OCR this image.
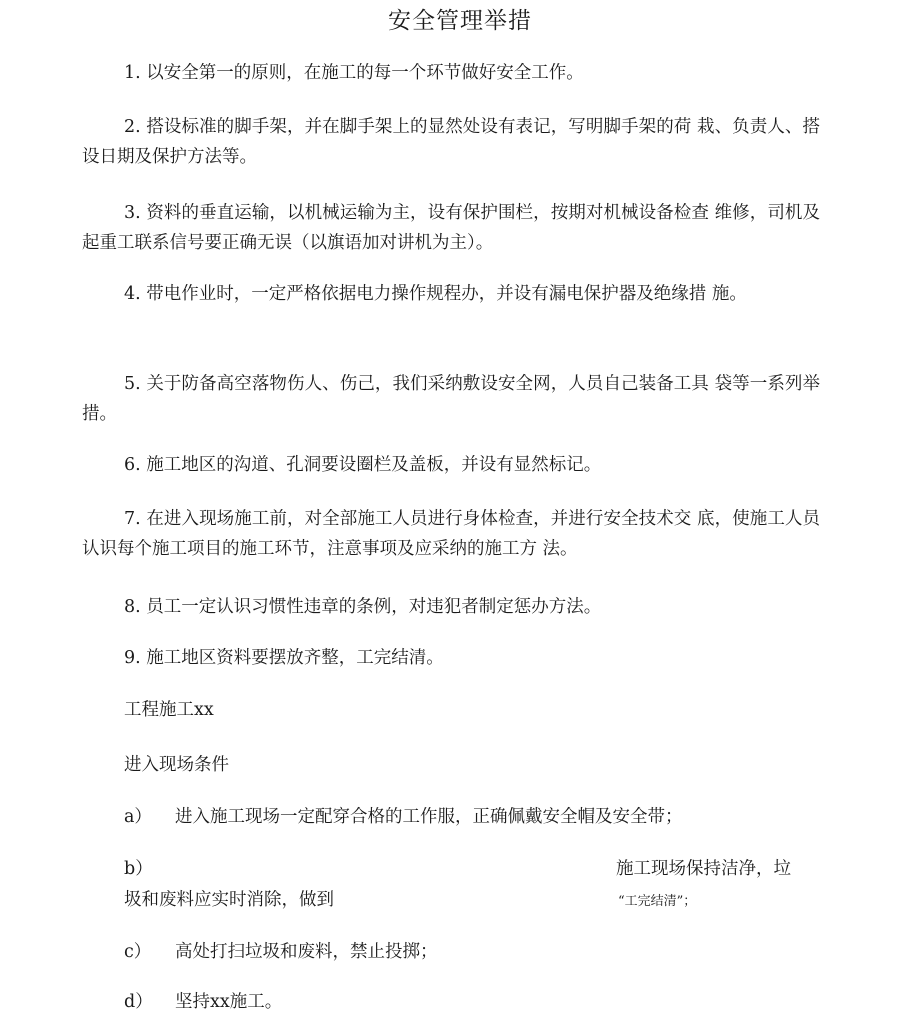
安全管理举措
1. 以安全第一的原则，在施工的每一个环节做好安全工作。
2. 搭设标准的脚手架，并在脚手架上的显然处设有表记，写明脚手架的荷 栽、负责人、搭设日期及保护方法等。
3. 资料的垂直运输，以机械运输为主，设有保护围栏，按期对机械设备检查 维修，司机及起重工联系信号要正确无误（以旗语加对讲机为主）。
4. 带电作业时，一定严格依据电力操作规程办，并设有漏电保护器及绝缘措 施。
5. 关于防备高空落物伤人、伤己，我们采纳敷设安全网，人员自己装备工具 袋等一系列举措。
6. 施工地区的沟道、孔洞要设圈栏及盖板，并设有显然标记。
7. 在进入现场施工前，对全部施工人员进行身体检查，并进行安全技术交 底，使施工人员认识每个施工项目的施工环节，注意事项及应采纳的施工方 法。
8. 员工一定认识习惯性违章的条例，对违犯者制定惩办方法。
9. 施工地区资料要摆放齐整，工完结清。
工程施工xx
进入现场条件
a） 进入施工现场一定配穿合格的工作服，正确佩戴安全帽及安全带；
b）	施工现场保持洁净，垃
圾和废料应实时消除，做到	“工完结清”；
c） 高处打扫垃圾和废料，禁止投掷；
d） 坚持xx施工。
